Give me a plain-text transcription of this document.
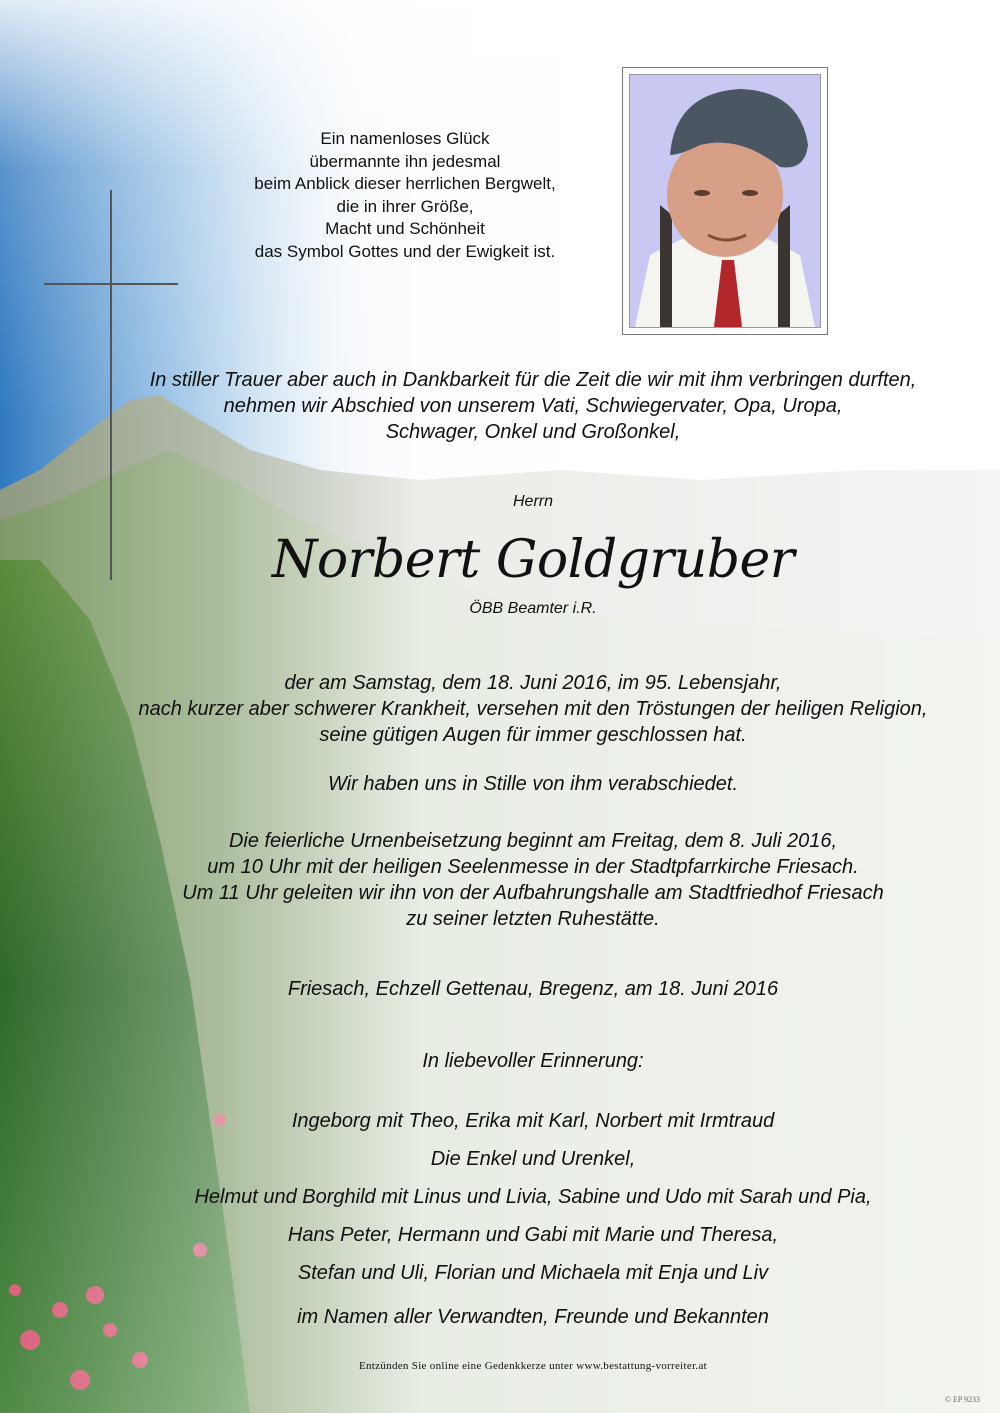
Ein namenloses Glück
übermannte ihn jedesmal
beim Anblick dieser herrlichen Bergwelt,
die in ihrer Größe,
Macht und Schönheit
das Symbol Gottes und der Ewigkeit ist.
In stiller Trauer aber auch in Dankbarkeit für die Zeit die wir mit ihm verbringen durften,
nehmen wir Abschied von unserem Vati, Schwiegervater, Opa, Uropa,
Schwager, Onkel und Großonkel,
Herrn
Norbert Goldgruber
ÖBB Beamter i.R.
der am Samstag, dem 18. Juni 2016, im 95. Lebensjahr,
nach kurzer aber schwerer Krankheit, versehen mit den Tröstungen der heiligen Religion,
seine gütigen Augen für immer geschlossen hat.
Wir haben uns in Stille von ihm verabschiedet.
Die feierliche Urnenbeisetzung beginnt am Freitag, dem 8. Juli 2016,
um 10 Uhr mit der heiligen Seelenmesse in der Stadtpfarrkirche Friesach.
Um 11 Uhr geleiten wir ihn von der Aufbahrungshalle am Stadtfriedhof Friesach
zu seiner letzten Ruhestätte.
Friesach, Echzell Gettenau, Bregenz, am 18. Juni 2016
In liebevoller Erinnerung:
Ingeborg mit Theo, Erika mit Karl, Norbert mit Irmtraud
Die Enkel und Urenkel,
Helmut und Borghild mit Linus und Livia, Sabine und Udo mit Sarah und Pia,
Hans Peter, Hermann und Gabi mit Marie und Theresa,
Stefan und Uli, Florian und Michaela mit Enja und Liv
im Namen aller Verwandten, Freunde und Bekannten
Entzünden Sie online eine Gedenkkerze unter www.bestattung-vorreiter.at
© EP 9233
